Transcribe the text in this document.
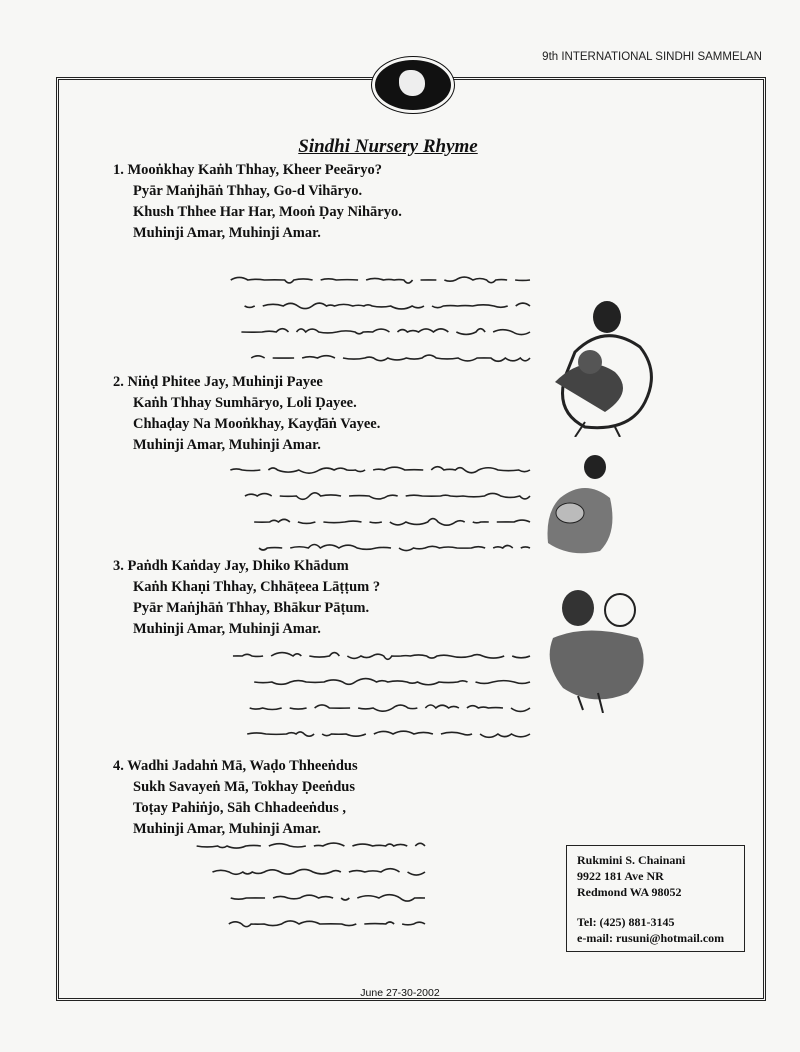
9th INTERNATIONAL SINDHI SAMMELAN
Sindhi Nursery Rhyme
1. Mooṅkhay Kaṅh Thhay, Kheer Peeāryo?
Pyār Maṅjhāṅ Thhay, Go-d Vihāryo.
Khush Thhee Har Har, Mooṅ Ḍay Nihāryo.
Muhinji Amar, Muhinji Amar.
2. Niṅḍ Phitee Jay, Muhinji Payee
Kaṅh Thhay Sumhāryo, Loli Ḍayee.
Chhaḍay Na Mooṅkhay, Kayḍ̄āṅ Vayee.
Muhinji Amar, Muhinji Amar.
3. Paṅdh Kaṅday Jay, Dhiko Khādum
Kaṅh Khaṇi Thhay, Chhāṭeea Lāṭṭum ?
Pyār Maṅjhāṅ Thhay, Bhākur Pāṭum.
Muhinji Amar, Muhinji Amar.
4. Wadhi Jadahṅ Mā, Waḍo Thheeṅdus
Sukh Savayeṅ Mā, Tokhay Ḍeeṅdus
Toṭay Pahiṅjo, Sāh Chhadeeṅdus ,
Muhinji Amar, Muhinji Amar.
Rukmini S. Chainani
9922 181 Ave NR
Redmond WA 98052
Tel: (425) 881-3145
e-mail: rusuni@hotmail.com
June 27-30-2002
